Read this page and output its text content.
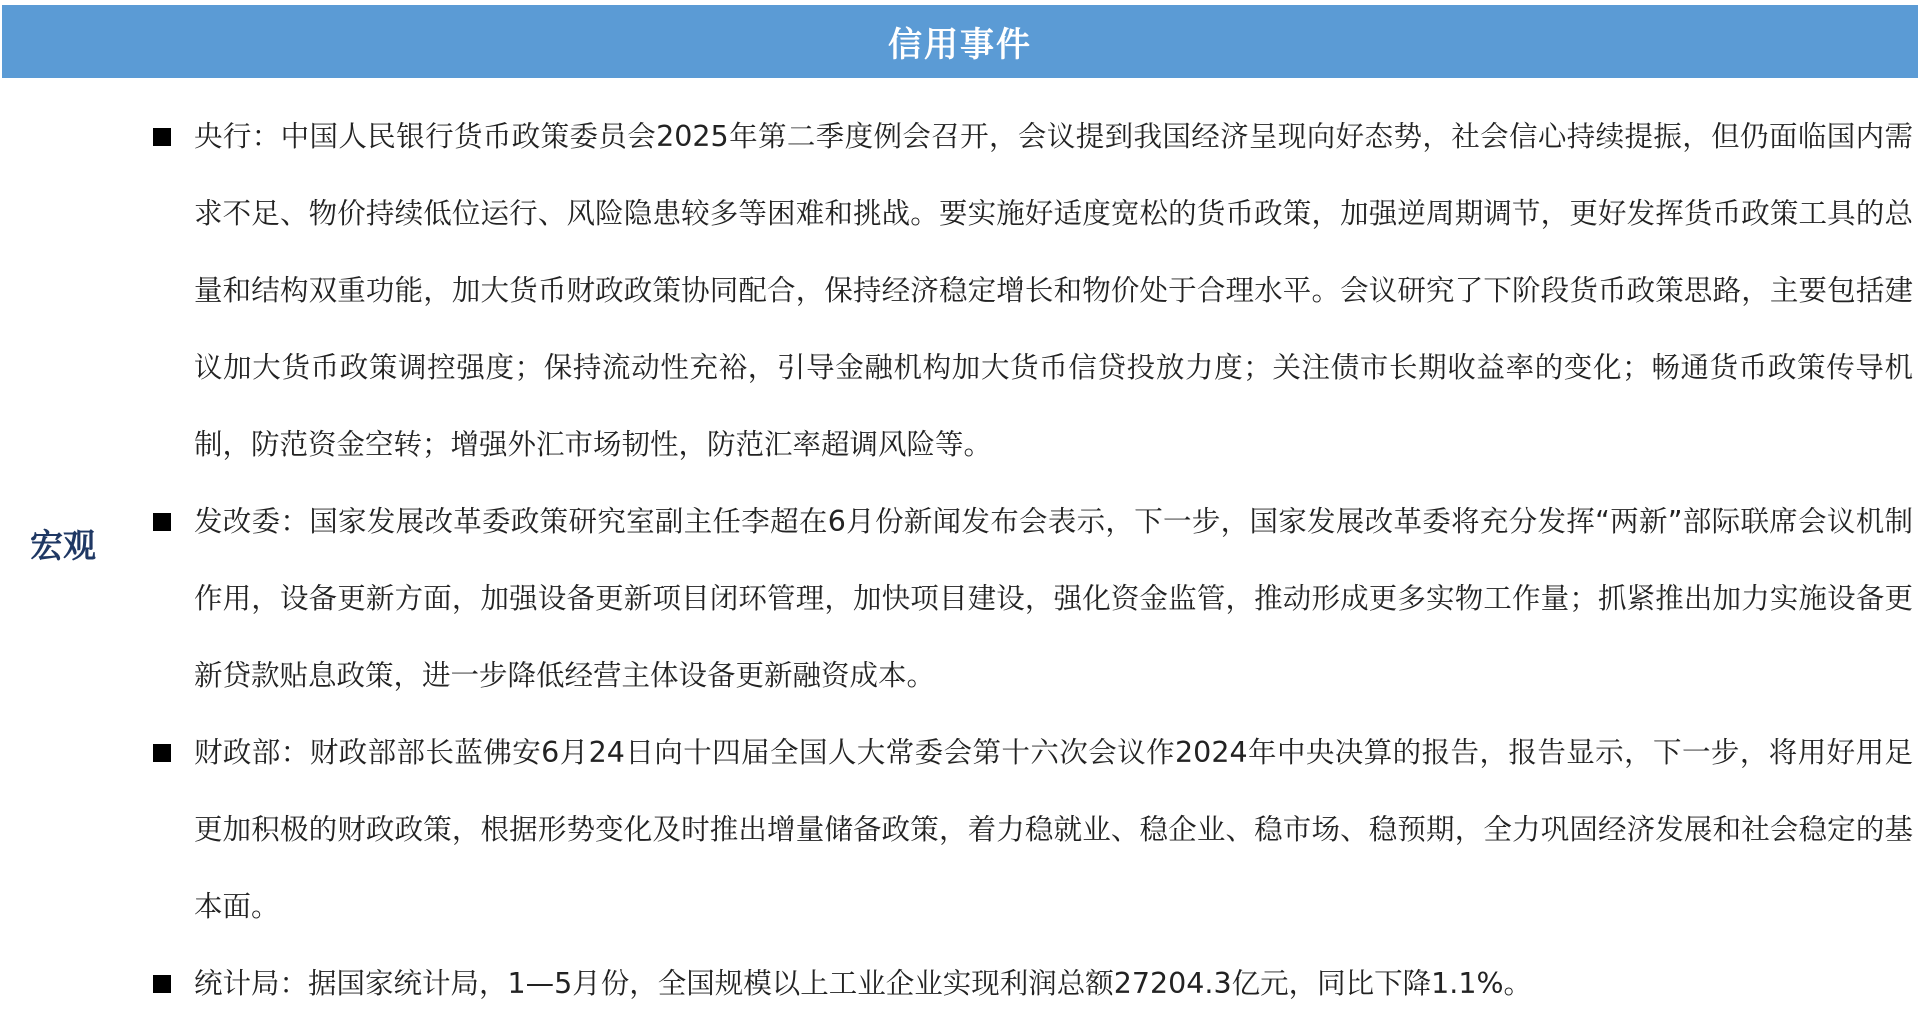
信用事件
宏观

央行：中国人民银行货币政策委员会2025年第二季度例会召开，会议提到我国经济呈现向好态势，社会信心持续提振，但仍面临国内需求不足、物价持续低位运行、风险隐患较多等困难和挑战。要实施好适度宽松的货币政策，加强逆周期调节，更好发挥货币政策工具的总量和结构双重功能，加大货币财政政策协同配合，保持经济稳定增长和物价处于合理水平。会议研究了下阶段货币政策思路，主要包括建议加大货币政策调控强度；保持流动性充裕，引导金融机构加大货币信贷投放力度；关注债市长期收益率的变化；畅通货币政策传导机制，防范资金空转；增强外汇市场韧性，防范汇率超调风险等。

发改委：国家发展改革委政策研究室副主任李超在6月份新闻发布会表示，下一步，国家发展改革委将充分发挥“两新”部际联席会议机制作用，设备更新方面，加强设备更新项目闭环管理，加快项目建设，强化资金监管，推动形成更多实物工作量；抓紧推出加力实施设备更新贷款贴息政策，进一步降低经营主体设备更新融资成本。

财政部：财政部部长蓝佛安6月24日向十四届全国人大常委会第十六次会议作2024年中央决算的报告，报告显示，下一步，将用好用足更加积极的财政政策，根据形势变化及时推出增量储备政策，着力稳就业、稳企业、稳市场、稳预期，全力巩固经济发展和社会稳定的基本面。

统计局：据国家统计局，1—5月份，全国规模以上工业企业实现利润总额27204.3亿元，同比下降1.1%。
